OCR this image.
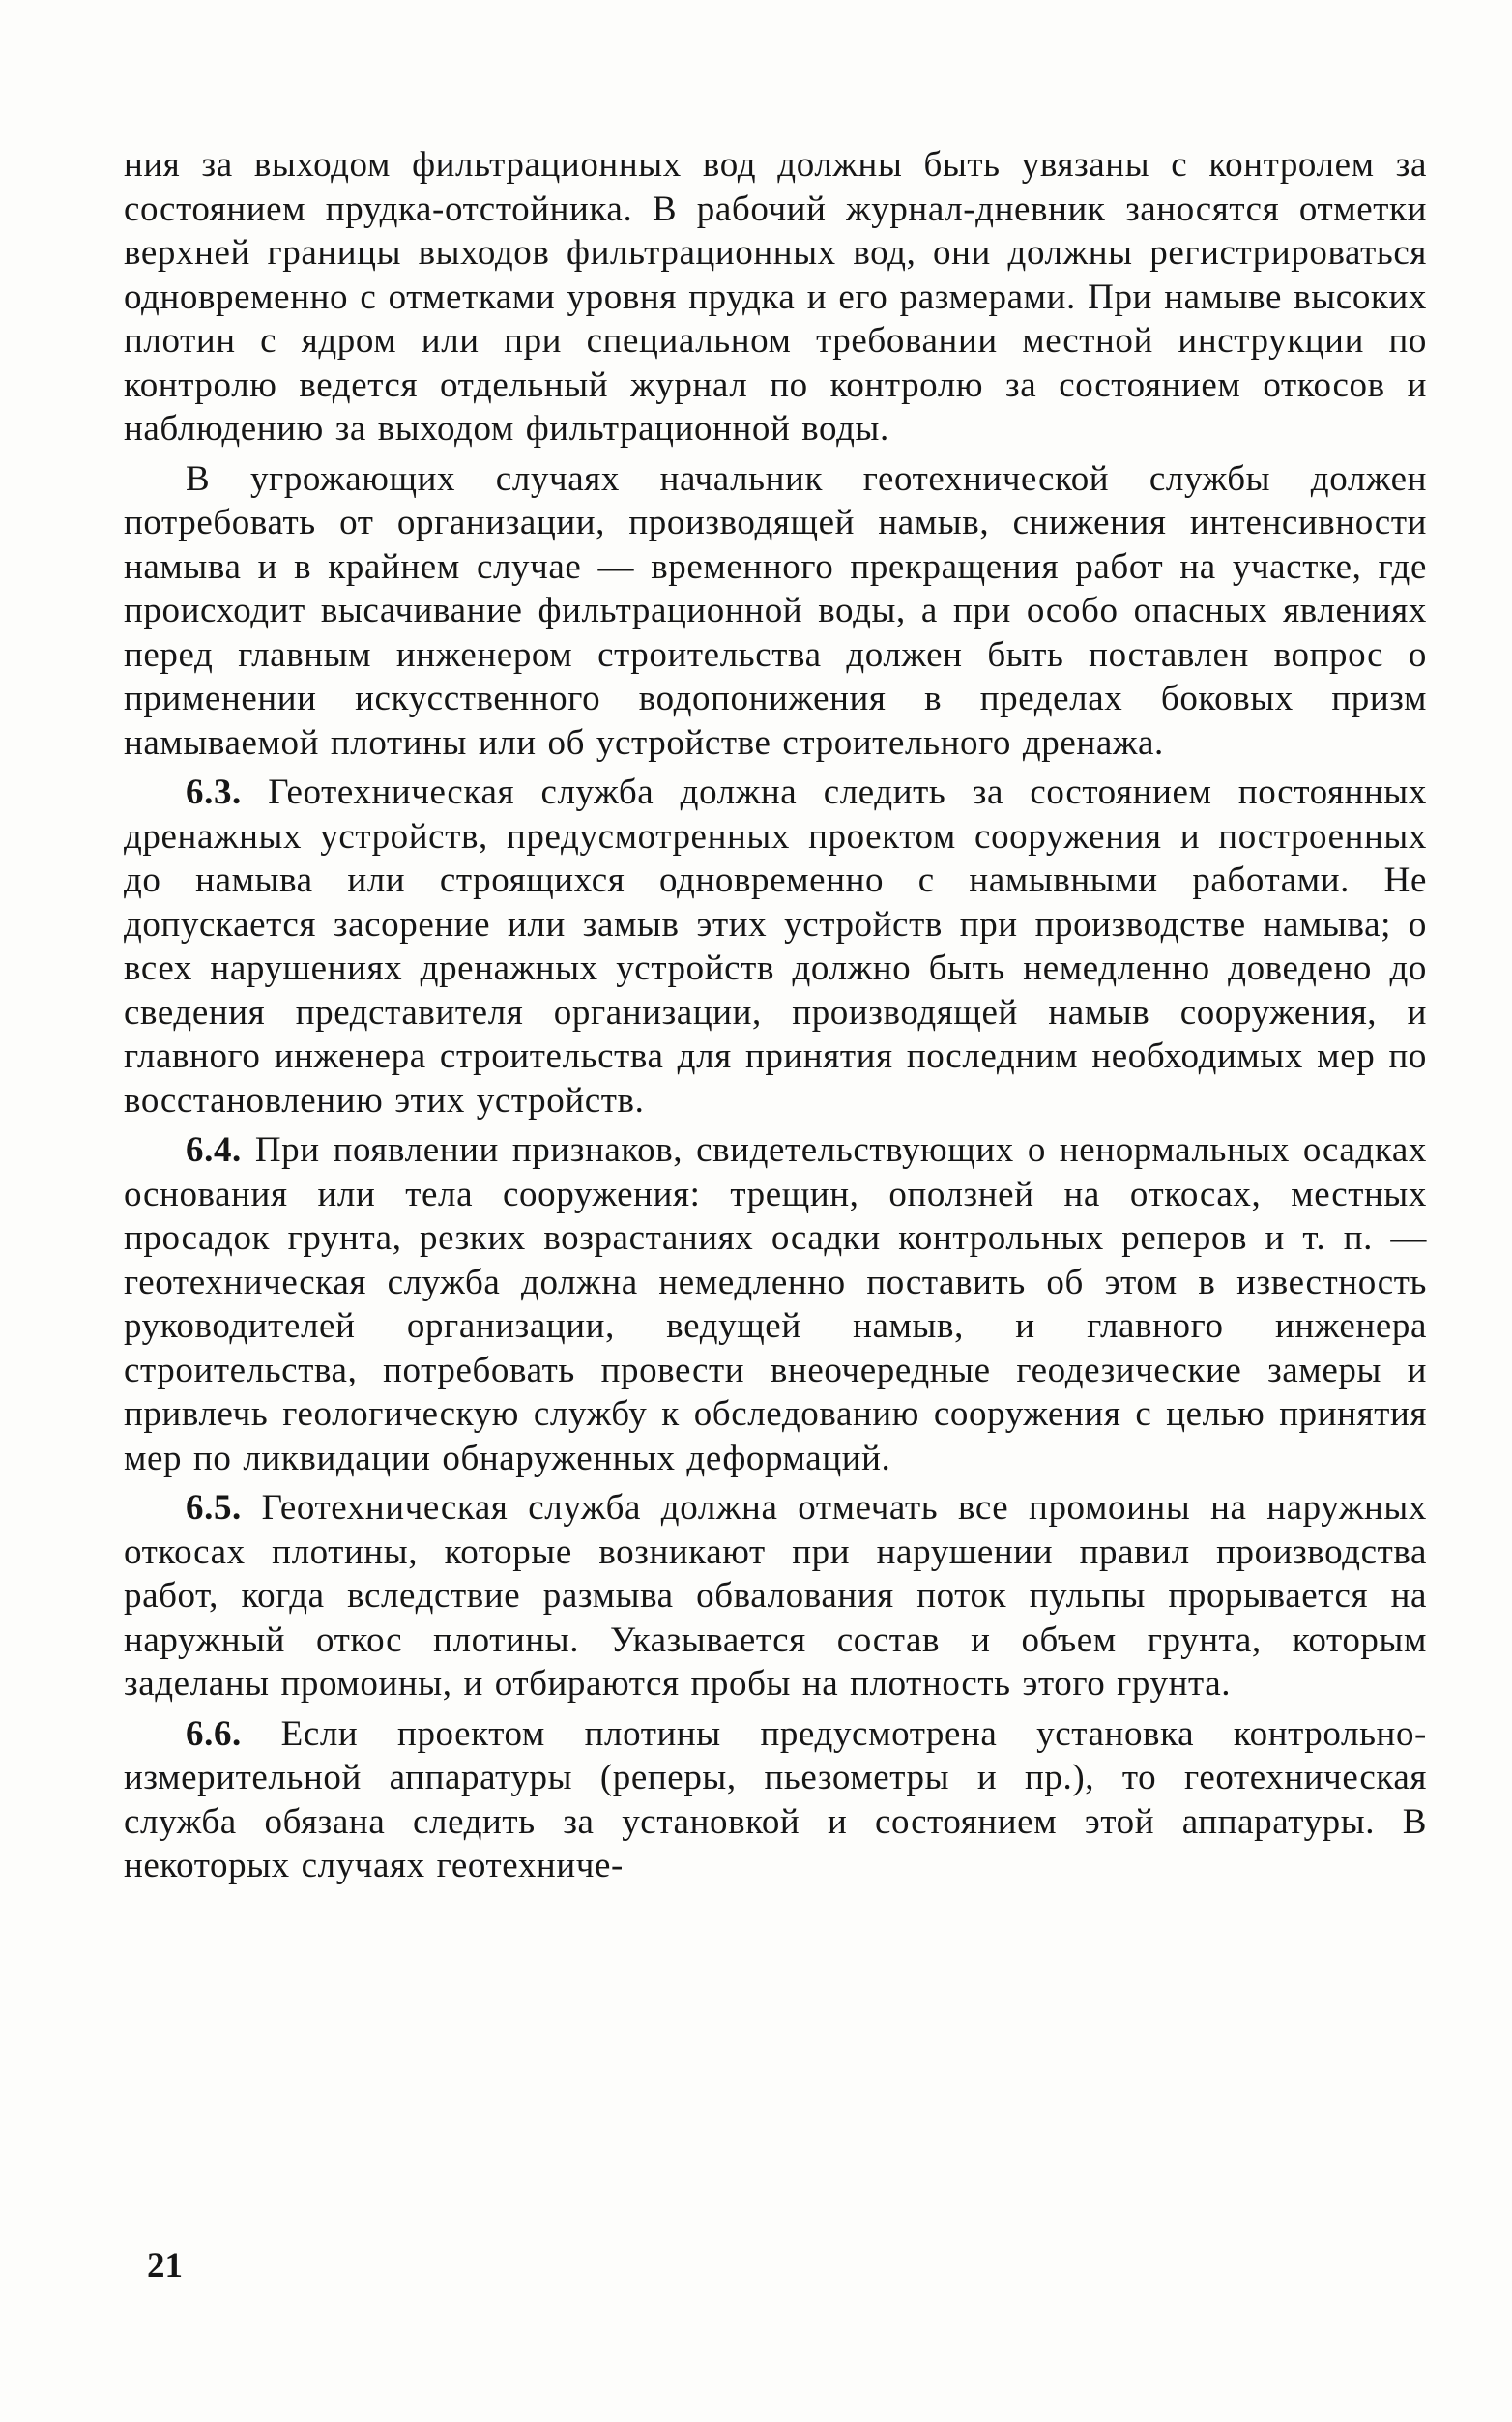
ния за выходом фильтрационных вод должны быть увязаны с контролем за состоянием прудка-отстойника. В рабочий журнал-дневник заносятся отметки верхней границы выходов фильтрационных вод, они должны регистрироваться одновременно с отметками уровня прудка и его размерами. При намыве высоких плотин с ядром или при специальном требовании местной инструкции по контролю ведется отдельный журнал по контролю за состоянием откосов и наблюдению за выходом фильтрационной воды.

В угрожающих случаях начальник геотехнической службы должен потребовать от организации, производящей намыв, снижения интенсивности намыва и в крайнем случае — временного прекращения работ на участке, где происходит высачивание фильтрационной воды, а при особо опасных явлениях перед главным инженером строительства должен быть поставлен вопрос о применении искусственного водопонижения в пределах боковых призм намываемой плотины или об устройстве строительного дренажа.

6.3. Геотехническая служба должна следить за состоянием постоянных дренажных устройств, предусмотренных проектом сооружения и построенных до намыва или строящихся одновременно с намывными работами. Не допускается засорение или замыв этих устройств при производстве намыва; о всех нарушениях дренажных устройств должно быть немедленно доведено до сведения представителя организации, производящей намыв сооружения, и главного инженера строительства для принятия последним необходимых мер по восстановлению этих устройств.

6.4. При появлении признаков, свидетельствующих о ненормальных осадках основания или тела сооружения: трещин, оползней на откосах, местных просадок грунта, резких возрастаниях осадки контрольных реперов и т. п. — геотехническая служба должна немедленно поставить об этом в известность руководителей организации, ведущей намыв, и главного инженера строительства, потребовать провести внеочередные геодезические замеры и привлечь геологическую службу к обследованию сооружения с целью принятия мер по ликвидации обнаруженных деформаций.

6.5. Геотехническая служба должна отмечать все промоины на наружных откосах плотины, которые возникают при нарушении правил производства работ, когда вследствие размыва обвалования поток пульпы прорывается на наружный откос плотины. Указывается состав и объем грунта, которым заделаны промоины, и отбираются пробы на плотность этого грунта.

6.6. Если проектом плотины предусмотрена установка контрольно-измерительной аппаратуры (реперы, пьезометры и пр.), то геотехническая служба обязана следить за установкой и состоянием этой аппаратуры. В некоторых случаях геотехниче-

21
